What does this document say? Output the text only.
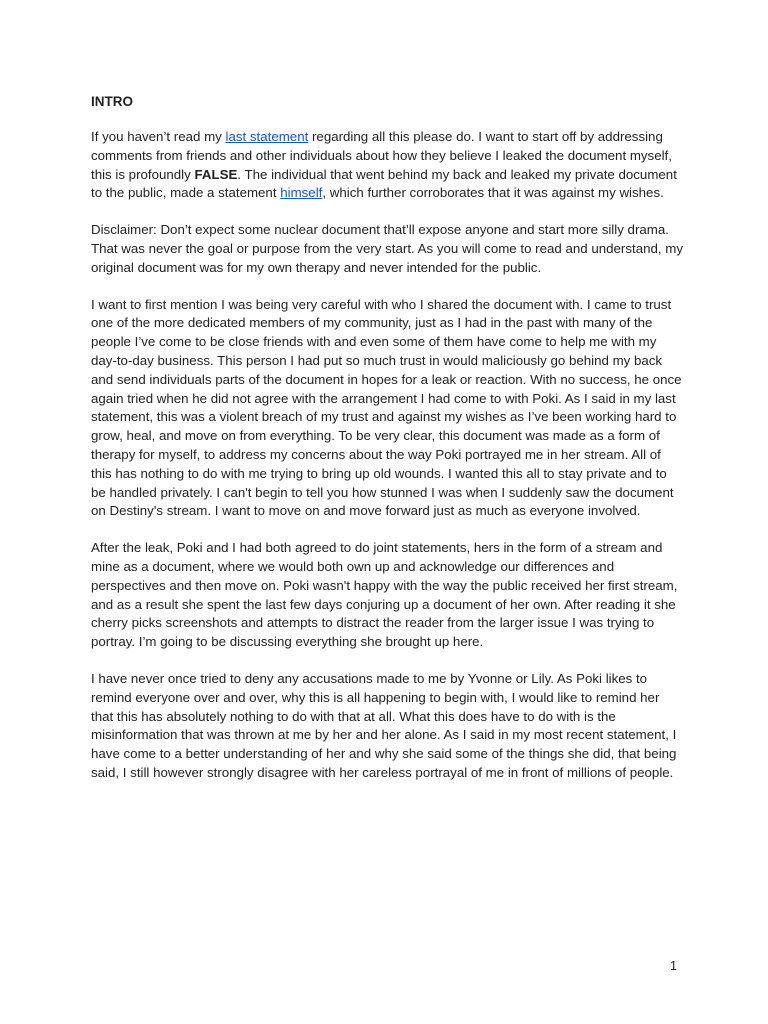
INTRO

If you haven’t read my last statement regarding all this please do. I want to start off by addressing comments from friends and other individuals about how they believe I leaked the document myself, this is profoundly FALSE. The individual that went behind my back and leaked my private document to the public, made a statement himself, which further corroborates that it was against my wishes.

Disclaimer: Don’t expect some nuclear document that’ll expose anyone and start more silly drama. That was never the goal or purpose from the very start. As you will come to read and understand, my original document was for my own therapy and never intended for the public.

I want to first mention I was being very careful with who I shared the document with. I came to trust one of the more dedicated members of my community, just as I had in the past with many of the people I’ve come to be close friends with and even some of them have come to help me with my day-to-day business. This person I had put so much trust in would maliciously go behind my back and send individuals parts of the document in hopes for a leak or reaction. With no success, he once again tried when he did not agree with the arrangement I had come to with Poki. As I said in my last statement, this was a violent breach of my trust and against my wishes as I’ve been working hard to grow, heal, and move on from everything. To be very clear, this document was made as a form of therapy for myself, to address my concerns about the way Poki portrayed me in her stream. All of this has nothing to do with me trying to bring up old wounds. I wanted this all to stay private and to be handled privately. I can't begin to tell you how stunned I was when I suddenly saw the document on Destiny's stream. I want to move on and move forward just as much as everyone involved.

After the leak, Poki and I had both agreed to do joint statements, hers in the form of a stream and mine as a document, where we would both own up and acknowledge our differences and perspectives and then move on. Poki wasn't happy with the way the public received her first stream, and as a result she spent the last few days conjuring up a document of her own. After reading it she cherry picks screenshots and attempts to distract the reader from the larger issue I was trying to portray. I’m going to be discussing everything she brought up here.

I have never once tried to deny any accusations made to me by Yvonne or Lily. As Poki likes to remind everyone over and over, why this is all happening to begin with, I would like to remind her that this has absolutely nothing to do with that at all. What this does have to do with is the misinformation that was thrown at me by her and her alone. As I said in my most recent statement, I have come to a better understanding of her and why she said some of the things she did, that being said, I still however strongly disagree with her careless portrayal of me in front of millions of people.

1
